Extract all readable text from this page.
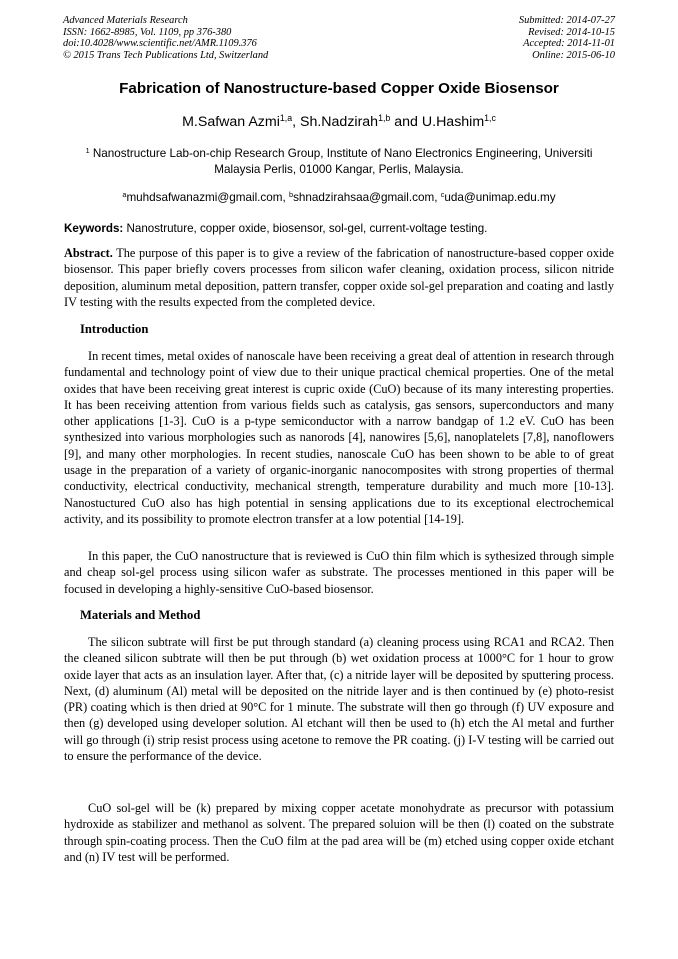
Advanced Materials Research
ISSN: 1662-8985, Vol. 1109, pp 376-380
doi:10.4028/www.scientific.net/AMR.1109.376
© 2015 Trans Tech Publications Ltd, Switzerland
Submitted: 2014-07-27
Revised: 2014-10-15
Accepted: 2014-11-01
Online: 2015-06-10
Fabrication of Nanostructure-based Copper Oxide Biosensor
M.Safwan Azmi$^{1,a}$, Sh.Nadzirah$^{1,b}$ and U.Hashim$^{1,c}$
$^1$ Nanostructure Lab-on-chip Research Group, Institute of Nano Electronics Engineering, Universiti Malaysia Perlis, 01000 Kangar, Perlis, Malaysia.
$^a$muhdsafwanazmi@gmail.com, $^b$shnadzirahsaa@gmail.com, $^c$uda@unimap.edu.my
Keywords: Nanostruture, copper oxide, biosensor, sol-gel, current-voltage testing.
Abstract. The purpose of this paper is to give a review of the fabrication of nanostructure-based copper oxide biosensor. This paper briefly covers processes from silicon wafer cleaning, oxidation process, silicon nitride deposition, aluminum metal deposition, pattern transfer, copper oxide sol-gel preparation and coating and lastly IV testing with the results expected from the completed device.
Introduction
In recent times, metal oxides of nanoscale have been receiving a great deal of attention in research through fundamental and technology point of view due to their unique practical chemical properties. One of the metal oxides that have been receiving great interest is cupric oxide (CuO) because of its many interesting properties. It has been receiving attention from various fields such as catalysis, gas sensors, superconductors and many other applications [1-3]. CuO is a p-type semiconductor with a narrow bandgap of 1.2 eV. CuO has been synthesized into various morphologies such as nanorods [4], nanowires [5,6], nanoplatelets [7,8], nanoflowers [9], and many other morphologies. In recent studies, nanoscale CuO has been shown to be able to of great usage in the preparation of a variety of organic-inorganic nanocomposites with strong properties of thermal conductivity, electrical conductivity, mechanical strength, temperature durability and much more [10-13]. Nanostuctured CuO also has high potential in sensing applications due to its exceptional electrochemical activity, and its possibility to promote electron transfer at a low potential [14-19].
In this paper, the CuO nanostructure that is reviewed is CuO thin film which is sythesized through simple and cheap sol-gel process using silicon wafer as substrate. The processes mentioned in this paper will be focused in developing a highly-sensitive CuO-based biosensor.
Materials and Method
The silicon subtrate will first be put through standard (a) cleaning process using RCA1 and RCA2. Then the cleaned silicon subtrate will then be put through (b) wet oxidation process at 1000°C for 1 hour to grow oxide layer that acts as an insulation layer. After that, (c) a nitride layer will be deposited by sputtering process. Next, (d) aluminum (Al) metal will be deposited on the nitride layer and is then continued by (e) photo-resist (PR) coating which is then dried at 90°C for 1 minute. The substrate will then go through (f) UV exposure and then (g) developed using developer solution. Al etchant will then be used to (h) etch the Al metal and further will go through (i) strip resist process using acetone to remove the PR coating. (j) I-V testing will be carried out to ensure the performance of the device.
CuO sol-gel will be (k) prepared by mixing copper acetate monohydrate as precursor with potassium hydroxide as stabilizer and methanol as solvent. The prepared soluion will be then (l) coated on the substrate through spin-coating process. Then the CuO film at the pad area will be (m) etched using copper oxide etchant and (n) IV test will be performed.
